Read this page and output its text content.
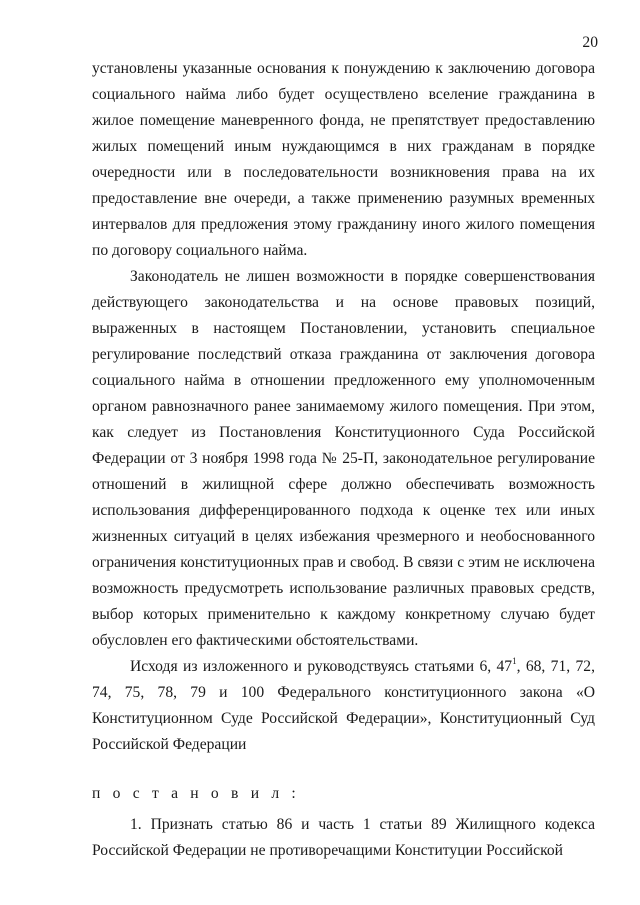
20

установлены указанные основания к понуждению к заключению договора социального найма либо будет осуществлено вселение гражданина в жилое помещение маневренного фонда, не препятствует предоставлению жилых помещений иным нуждающимся в них гражданам в порядке очередности или в последовательности возникновения права на их предоставление вне очереди, а также применению разумных временных интервалов для предложения этому гражданину иного жилого помещения по договору социального найма.

Законодатель не лишен возможности в порядке совершенствования действующего законодательства и на основе правовых позиций, выраженных в настоящем Постановлении, установить специальное регулирование последствий отказа гражданина от заключения договора социального найма в отношении предложенного ему уполномоченным органом равнозначного ранее занимаемому жилого помещения. При этом, как следует из Постановления Конституционного Суда Российской Федерации от 3 ноября 1998 года № 25-П, законодательное регулирование отношений в жилищной сфере должно обеспечивать возможность использования дифференцированного подхода к оценке тех или иных жизненных ситуаций в целях избежания чрезмерного и необоснованного ограничения конституционных прав и свобод. В связи с этим не исключена возможность предусмотреть использование различных правовых средств, выбор которых применительно к каждому конкретному случаю будет обусловлен его фактическими обстоятельствами.

Исходя из изложенного и руководствуясь статьями 6, $47^1$, 68, 71, 72, 74, 75, 78, 79 и 100 Федерального конституционного закона «О Конституционном Суде Российской Федерации», Конституционный Суд Российской Федерации

п о с т а н о в и л :

1. Признать статью 86 и часть 1 статьи 89 Жилищного кодекса Российской Федерации не противоречащими Конституции Российской
